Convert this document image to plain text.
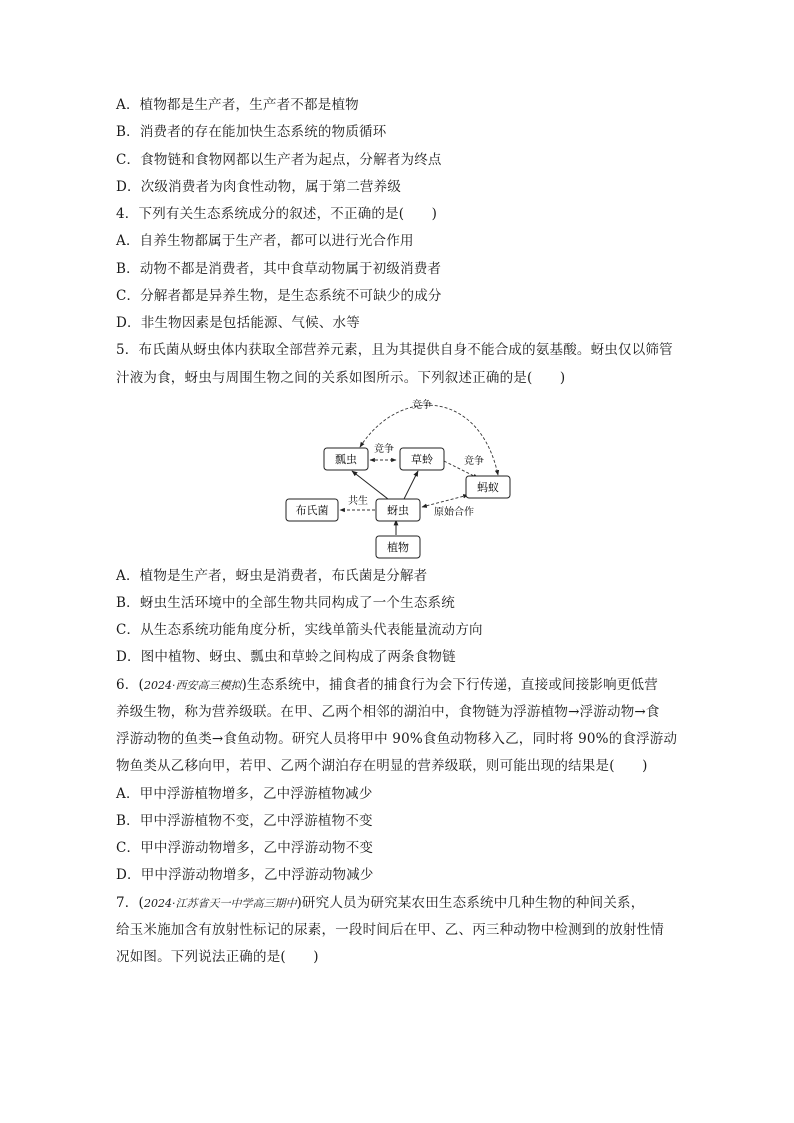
A．植物都是生产者，生产者不都是植物
B．消费者的存在能加快生态系统的物质循环
C．食物链和食物网都以生产者为起点，分解者为终点
D．次级消费者为肉食性动物，属于第二营养级
4．下列有关生态系统成分的叙述，不正确的是(　　)
A．自养生物都属于生产者，都可以进行光合作用
B．动物不都是消费者，其中食草动物属于初级消费者
C．分解者都是异养生物，是生态系统不可缺少的成分
D．非生物因素是包括能源、气候、水等
5．布氏菌从蚜虫体内获取全部营养元素，且为其提供自身不能合成的氨基酸。蚜虫仅以筛管
汁液为食，蚜虫与周围生物之间的关系如图所示。下列叙述正确的是(　　)
竞争
竞争
竞争
共生
原始合作
瓢虫	草蛉
蚂蚁
布氏菌	蚜虫
植物
A．植物是生产者，蚜虫是消费者，布氏菌是分解者
B．蚜虫生活环境中的全部生物共同构成了一个生态系统
C．从生态系统功能角度分析，实线单箭头代表能量流动方向
D．图中植物、蚜虫、瓢虫和草蛉之间构成了两条食物链
6．(2024·西安高三模拟)生态系统中，捕食者的捕食行为会下行传递，直接或间接影响更低营
养级生物，称为营养级联。在甲、乙两个相邻的湖泊中，食物链为浮游植物→浮游动物→食
浮游动物的鱼类→食鱼动物。研究人员将甲中 90%食鱼动物移入乙，同时将 90%的食浮游动
物鱼类从乙移向甲，若甲、乙两个湖泊存在明显的营养级联，则可能出现的结果是(　　)
A．甲中浮游植物增多，乙中浮游植物减少
B．甲中浮游植物不变，乙中浮游植物不变
C．甲中浮游动物增多，乙中浮游动物不变
D．甲中浮游动物增多，乙中浮游动物减少
7．(2024·江苏省天一中学高三期中)研究人员为研究某农田生态系统中几种生物的种间关系，
给玉米施加含有放射性标记的尿素，一段时间后在甲、乙、丙三种动物中检测到的放射性情
况如图。下列说法正确的是(　　)
